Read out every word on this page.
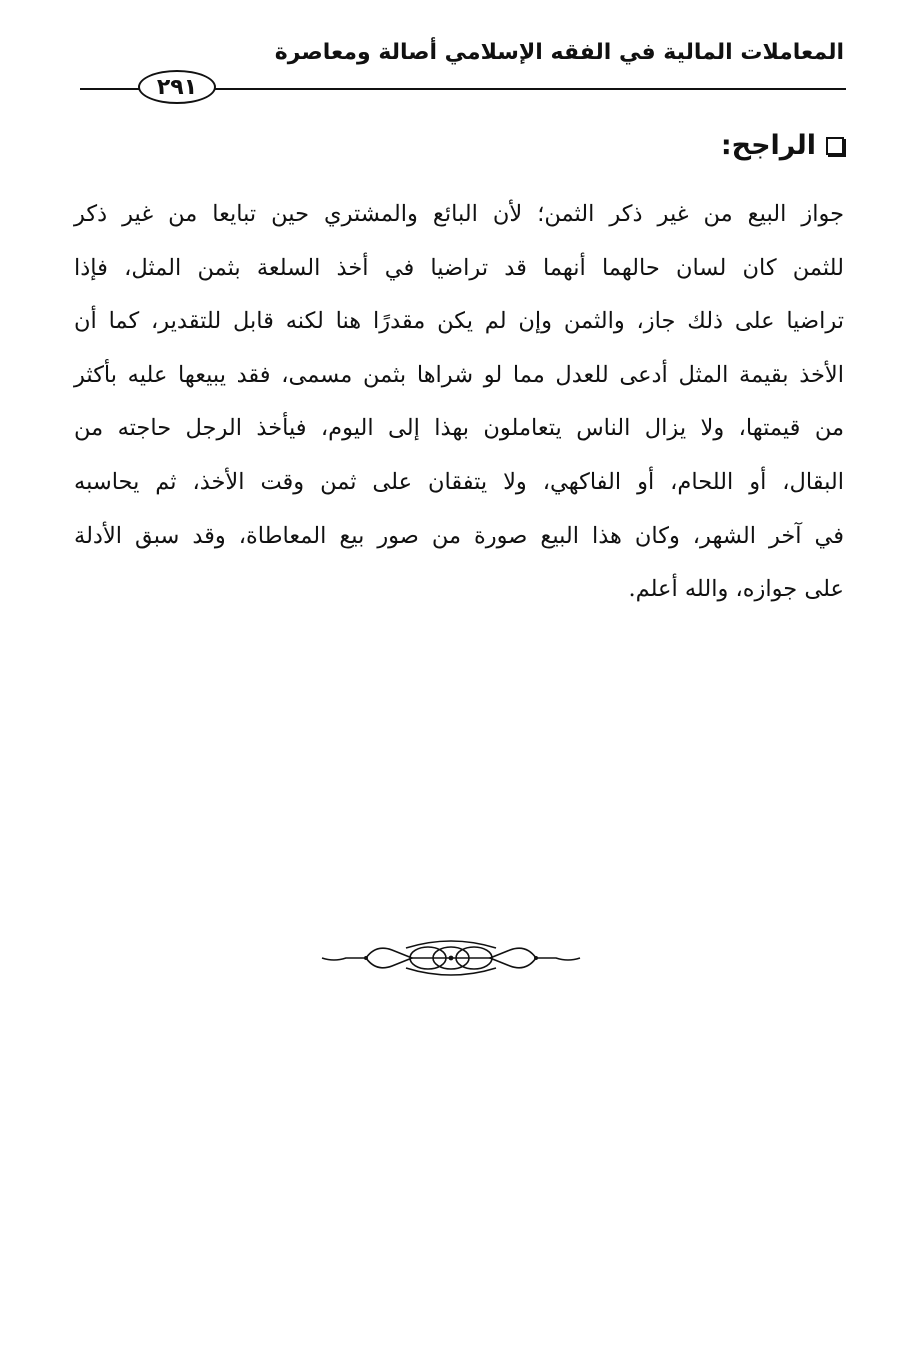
المعاملات المالية في الفقه الإسلامي أصالة ومعاصرة
٢٩١
الراجح:
جواز البيع من غير ذكر الثمن؛ لأن البائع والمشتري حين تبايعا من غير ذكر
للثمن كان لسان حالهما أنهما قد تراضيا في أخذ السلعة بثمن المثل، فإذا
تراضيا على ذلك جاز، والثمن وإن لم يكن مقدرًا هنا لكنه قابل للتقدير، كما أن
الأخذ بقيمة المثل أدعى للعدل مما لو شراها بثمن مسمى، فقد يبيعها عليه بأكثر
من قيمتها، ولا يزال الناس يتعاملون بهذا إلى اليوم، فيأخذ الرجل حاجته من
البقال، أو اللحام، أو الفاكهي، ولا يتفقان على ثمن وقت الأخذ، ثم يحاسبه
في آخر الشهر، وكان هذا البيع صورة من صور بيع المعاطاة، وقد سبق الأدلة
على جوازه، والله أعلم.
